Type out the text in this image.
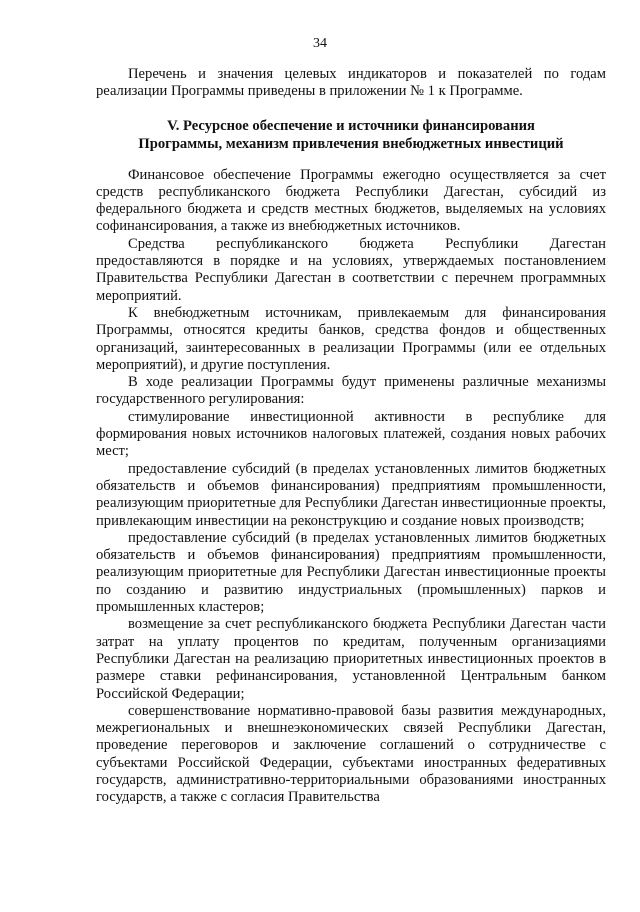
34

Перечень и значения целевых индикаторов и показателей по годам реализации Программы приведены в приложении № 1 к Программе.

V. Ресурсное обеспечение и источники финансирования
Программы, механизм привлечения внебюджетных инвестиций

Финансовое обеспечение Программы ежегодно осуществляется за счет средств республиканского бюджета Республики Дагестан, субсидий из федерального бюджета и средств местных бюджетов, выделяемых на условиях софинансирования, а также из внебюджетных источников.

Средства республиканского бюджета Республики Дагестан предоставляются в порядке и на условиях, утверждаемых постановлением Правительства Республики Дагестан в соответствии с перечнем программных мероприятий.

К внебюджетным источникам, привлекаемым для финансирования Программы, относятся кредиты банков, средства фондов и общественных организаций, заинтересованных в реализации Программы (или ее отдельных мероприятий), и другие поступления.

В ходе реализации Программы будут применены различные механизмы государственного регулирования:

стимулирование инвестиционной активности в республике для формирования новых источников налоговых платежей, создания новых рабочих мест;

предоставление субсидий (в пределах установленных лимитов бюджетных обязательств и объемов финансирования) предприятиям промышленности, реализующим приоритетные для Республики Дагестан инвестиционные проекты, привлекающим инвестиции на реконструкцию и создание новых производств;

предоставление субсидий (в пределах установленных лимитов бюджетных обязательств и объемов финансирования) предприятиям промышленности, реализующим приоритетные для Республики Дагестан инвестиционные проекты по созданию и развитию индустриальных (промышленных) парков и промышленных кластеров;

возмещение за счет республиканского бюджета Республики Дагестан части затрат на уплату процентов по кредитам, полученным организациями Республики Дагестан на реализацию приоритетных инвестиционных проектов в размере ставки рефинансирования, установленной Центральным банком Российской Федерации;

совершенствование нормативно-правовой базы развития международных, межрегиональных и внешнеэкономических связей Республики Дагестан, проведение переговоров и заключение соглашений о сотрудничестве с субъектами Российской Федерации, субъектами иностранных федеративных государств, административно-территориальными образованиями иностранных государств, а также с согласия Правительства
